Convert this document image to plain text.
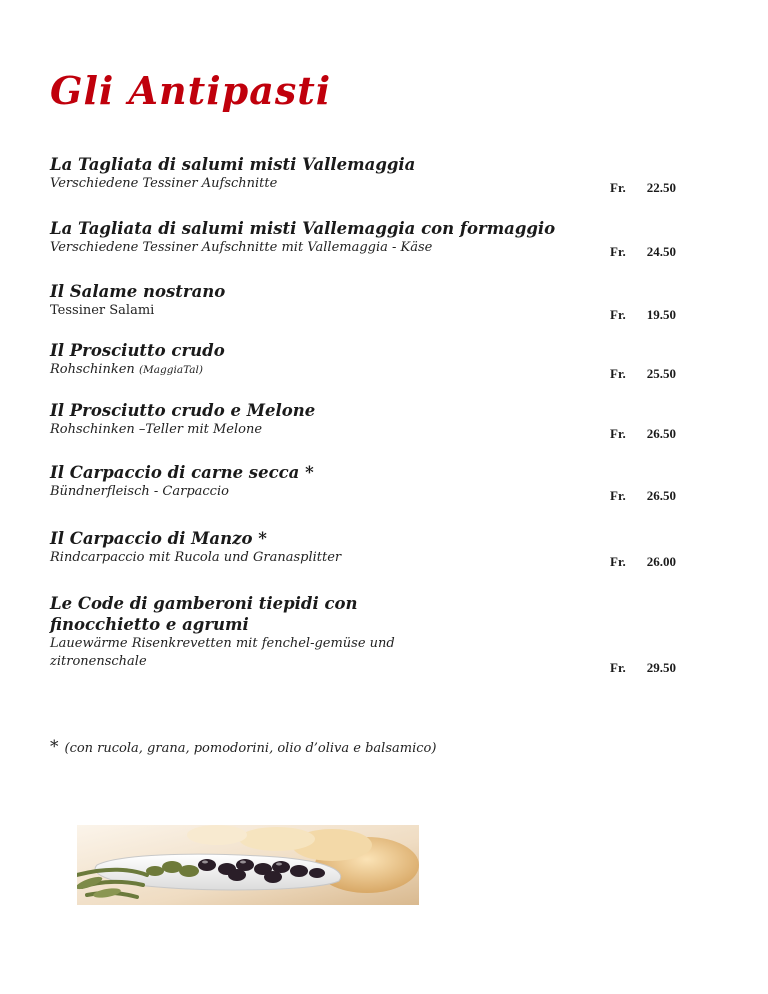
Gli Antipasti
La Tagliata di salumi misti Vallemaggia
Verschiedene Tessiner Aufschnitte	Fr.	22.50
La Tagliata di salumi misti Vallemaggia con formaggio
Verschiedene Tessiner Aufschnitte mit Vallemaggia - Käse	Fr.	24.50
Il Salame nostrano
Tessiner Salami	Fr.	19.50
Il Prosciutto crudo
Rohschinken (MaggiaTal)	Fr.	25.50
Il Prosciutto crudo e Melone
Rohschinken –Teller mit Melone	Fr.	26.50
Il Carpaccio di carne secca *
Bündnerfleisch - Carpaccio	Fr.	26.50
Il Carpaccio di Manzo *
Rindcarpaccio mit Rucola und Granasplitter	Fr.	26.00
Le Code di gamberoni tiepidi con finocchietto e agrumi
Lauewärme Risenkrevetten mit fenchel-gemüse und zitronenschale	Fr.	29.50
* (con rucola, grana, pomodorini, olio d’oliva e balsamico)
